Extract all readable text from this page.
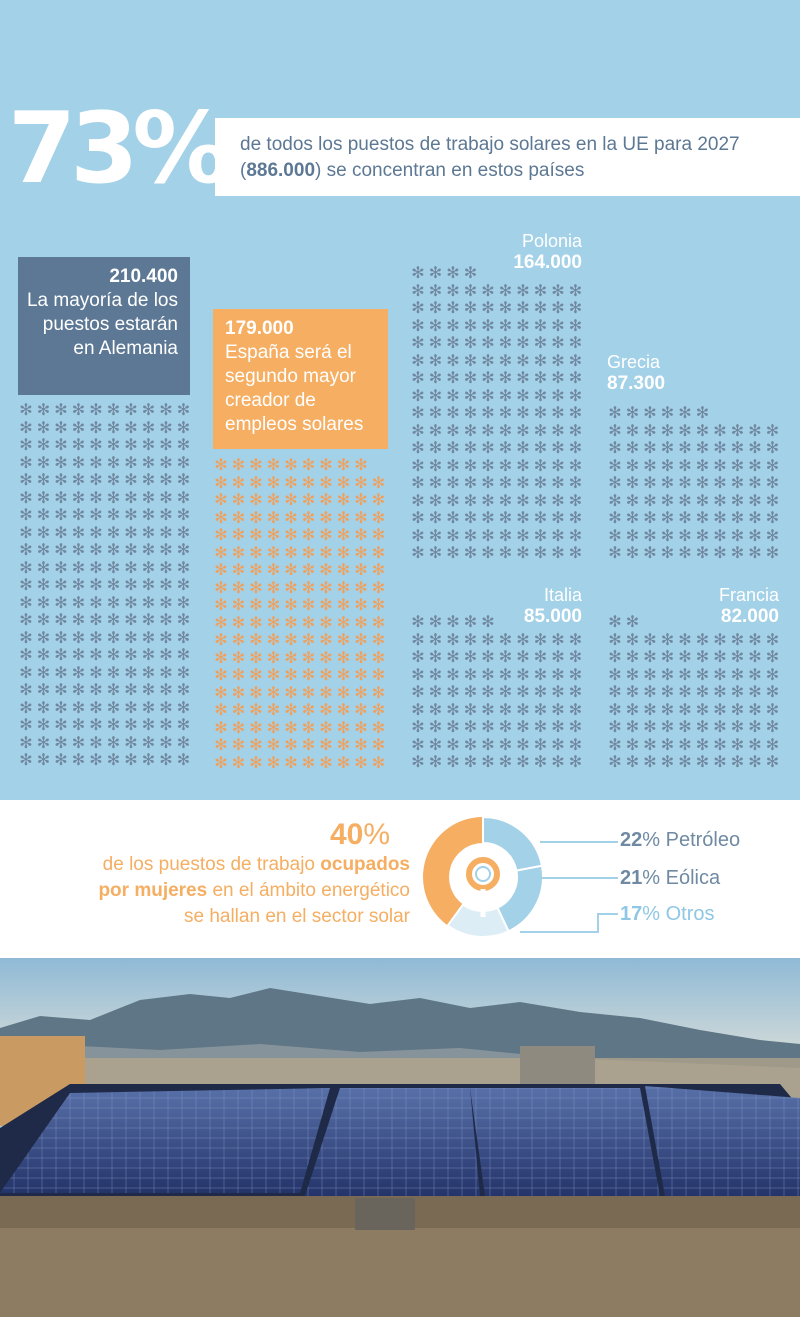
73% de todos los puestos de trabajo solares en la UE para 2027 (886.000) se concentran en estos países
210.400
La mayoría de los puestos estarán en Alemania
✻ ✻ ✻ ✻ ✻ ✻ ✻ ✻ ✻ ✻
✻ ✻ ✻ ✻ ✻ ✻ ✻ ✻ ✻ ✻
✻ ✻ ✻ ✻ ✻ ✻ ✻ ✻ ✻ ✻
✻ ✻ ✻ ✻ ✻ ✻ ✻ ✻ ✻ ✻
✻ ✻ ✻ ✻ ✻ ✻ ✻ ✻ ✻ ✻
✻ ✻ ✻ ✻ ✻ ✻ ✻ ✻ ✻ ✻
✻ ✻ ✻ ✻ ✻ ✻ ✻ ✻ ✻ ✻
✻ ✻ ✻ ✻ ✻ ✻ ✻ ✻ ✻ ✻
✻ ✻ ✻ ✻ ✻ ✻ ✻ ✻ ✻ ✻
✻ ✻ ✻ ✻ ✻ ✻ ✻ ✻ ✻ ✻
✻ ✻ ✻ ✻ ✻ ✻ ✻ ✻ ✻ ✻
✻ ✻ ✻ ✻ ✻ ✻ ✻ ✻ ✻ ✻
✻ ✻ ✻ ✻ ✻ ✻ ✻ ✻ ✻ ✻
✻ ✻ ✻ ✻ ✻ ✻ ✻ ✻ ✻ ✻
✻ ✻ ✻ ✻ ✻ ✻ ✻ ✻ ✻ ✻
✻ ✻ ✻ ✻ ✻ ✻ ✻ ✻ ✻ ✻
✻ ✻ ✻ ✻ ✻ ✻ ✻ ✻ ✻ ✻
✻ ✻ ✻ ✻ ✻ ✻ ✻ ✻ ✻ ✻
✻ ✻ ✻ ✻ ✻ ✻ ✻ ✻ ✻ ✻
✻ ✻ ✻ ✻ ✻ ✻ ✻ ✻ ✻ ✻
✻ ✻ ✻ ✻ ✻ ✻ ✻ ✻ ✻ ✻
179.000
España será el segundo mayor creador de empleos solares
✻ ✻ ✻ ✻ ✻ ✻ ✻ ✻ ✻
✻ ✻ ✻ ✻ ✻ ✻ ✻ ✻ ✻ ✻
✻ ✻ ✻ ✻ ✻ ✻ ✻ ✻ ✻ ✻
✻ ✻ ✻ ✻ ✻ ✻ ✻ ✻ ✻ ✻
✻ ✻ ✻ ✻ ✻ ✻ ✻ ✻ ✻ ✻
✻ ✻ ✻ ✻ ✻ ✻ ✻ ✻ ✻ ✻
✻ ✻ ✻ ✻ ✻ ✻ ✻ ✻ ✻ ✻
✻ ✻ ✻ ✻ ✻ ✻ ✻ ✻ ✻ ✻
✻ ✻ ✻ ✻ ✻ ✻ ✻ ✻ ✻ ✻
✻ ✻ ✻ ✻ ✻ ✻ ✻ ✻ ✻ ✻
✻ ✻ ✻ ✻ ✻ ✻ ✻ ✻ ✻ ✻
✻ ✻ ✻ ✻ ✻ ✻ ✻ ✻ ✻ ✻
✻ ✻ ✻ ✻ ✻ ✻ ✻ ✻ ✻ ✻
✻ ✻ ✻ ✻ ✻ ✻ ✻ ✻ ✻ ✻
✻ ✻ ✻ ✻ ✻ ✻ ✻ ✻ ✻ ✻
✻ ✻ ✻ ✻ ✻ ✻ ✻ ✻ ✻ ✻
✻ ✻ ✻ ✻ ✻ ✻ ✻ ✻ ✻ ✻
✻ ✻ ✻ ✻ ✻ ✻ ✻ ✻ ✻ ✻
Polonia
164.000
✻ ✻ ✻ ✻
✻ ✻ ✻ ✻ ✻ ✻ ✻ ✻ ✻ ✻
✻ ✻ ✻ ✻ ✻ ✻ ✻ ✻ ✻ ✻
✻ ✻ ✻ ✻ ✻ ✻ ✻ ✻ ✻ ✻
✻ ✻ ✻ ✻ ✻ ✻ ✻ ✻ ✻ ✻
✻ ✻ ✻ ✻ ✻ ✻ ✻ ✻ ✻ ✻
✻ ✻ ✻ ✻ ✻ ✻ ✻ ✻ ✻ ✻
✻ ✻ ✻ ✻ ✻ ✻ ✻ ✻ ✻ ✻
✻ ✻ ✻ ✻ ✻ ✻ ✻ ✻ ✻ ✻
✻ ✻ ✻ ✻ ✻ ✻ ✻ ✻ ✻ ✻
✻ ✻ ✻ ✻ ✻ ✻ ✻ ✻ ✻ ✻
✻ ✻ ✻ ✻ ✻ ✻ ✻ ✻ ✻ ✻
✻ ✻ ✻ ✻ ✻ ✻ ✻ ✻ ✻ ✻
✻ ✻ ✻ ✻ ✻ ✻ ✻ ✻ ✻ ✻
✻ ✻ ✻ ✻ ✻ ✻ ✻ ✻ ✻ ✻
✻ ✻ ✻ ✻ ✻ ✻ ✻ ✻ ✻ ✻
✻ ✻ ✻ ✻ ✻ ✻ ✻ ✻ ✻ ✻
Grecia
87.300
✻ ✻ ✻ ✻ ✻ ✻
✻ ✻ ✻ ✻ ✻ ✻ ✻ ✻ ✻ ✻
✻ ✻ ✻ ✻ ✻ ✻ ✻ ✻ ✻ ✻
✻ ✻ ✻ ✻ ✻ ✻ ✻ ✻ ✻ ✻
✻ ✻ ✻ ✻ ✻ ✻ ✻ ✻ ✻ ✻
✻ ✻ ✻ ✻ ✻ ✻ ✻ ✻ ✻ ✻
✻ ✻ ✻ ✻ ✻ ✻ ✻ ✻ ✻ ✻
✻ ✻ ✻ ✻ ✻ ✻ ✻ ✻ ✻ ✻
✻ ✻ ✻ ✻ ✻ ✻ ✻ ✻ ✻ ✻
Italia
85.000
✻ ✻ ✻ ✻ ✻
✻ ✻ ✻ ✻ ✻ ✻ ✻ ✻ ✻ ✻
✻ ✻ ✻ ✻ ✻ ✻ ✻ ✻ ✻ ✻
✻ ✻ ✻ ✻ ✻ ✻ ✻ ✻ ✻ ✻
✻ ✻ ✻ ✻ ✻ ✻ ✻ ✻ ✻ ✻
✻ ✻ ✻ ✻ ✻ ✻ ✻ ✻ ✻ ✻
✻ ✻ ✻ ✻ ✻ ✻ ✻ ✻ ✻ ✻
✻ ✻ ✻ ✻ ✻ ✻ ✻ ✻ ✻ ✻
✻ ✻ ✻ ✻ ✻ ✻ ✻ ✻ ✻ ✻
Francia
82.000
✻ ✻
✻ ✻ ✻ ✻ ✻ ✻ ✻ ✻ ✻ ✻
✻ ✻ ✻ ✻ ✻ ✻ ✻ ✻ ✻ ✻
✻ ✻ ✻ ✻ ✻ ✻ ✻ ✻ ✻ ✻
✻ ✻ ✻ ✻ ✻ ✻ ✻ ✻ ✻ ✻
✻ ✻ ✻ ✻ ✻ ✻ ✻ ✻ ✻ ✻
✻ ✻ ✻ ✻ ✻ ✻ ✻ ✻ ✻ ✻
✻ ✻ ✻ ✻ ✻ ✻ ✻ ✻ ✻ ✻
✻ ✻ ✻ ✻ ✻ ✻ ✻ ✻ ✻ ✻
40%
de los puestos de trabajo ocupados
por mujeres en el ámbito energético
se hallan en el sector solar
22% Petróleo
21% Eólica
17% Otros
